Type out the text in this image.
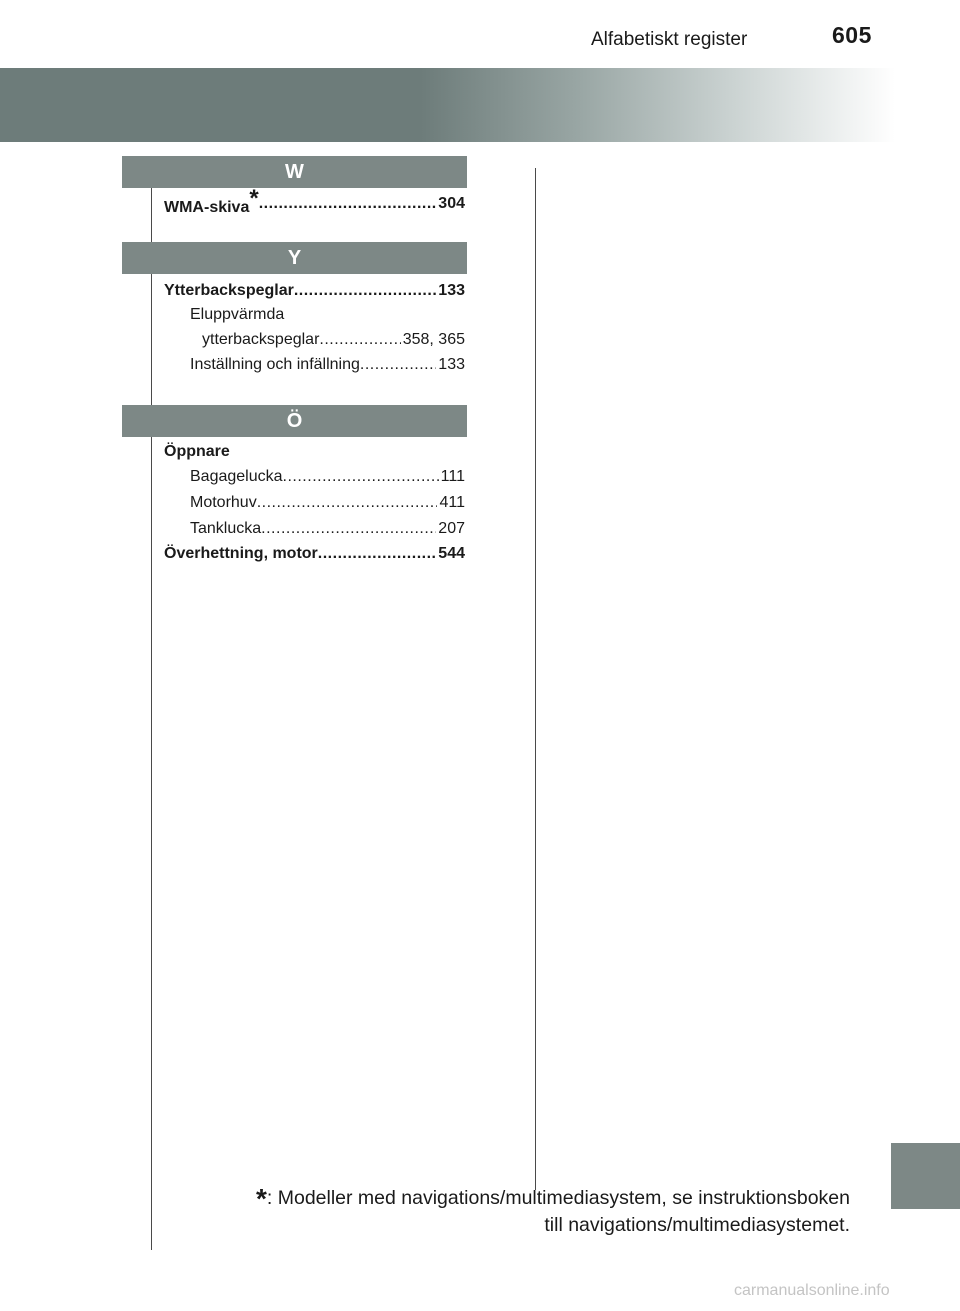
605
Alfabetiskt register
W
WMA-skiva* .....	304
Y
Ytterbackspeglar .....	133
Eluppvärmda
ytterbackspeglar .....	358, 365
Inställning och infällning .....	133
Ö
Öppnare
Bagagelucka .....	111
Motorhuv .....	411
Tanklucka .....	207
Överhettning, motor .....	544
*: Modeller med navigations/multimediasystem, se instruktionsboken
till navigations/multimediasystemet.
carmanualsonline.info
